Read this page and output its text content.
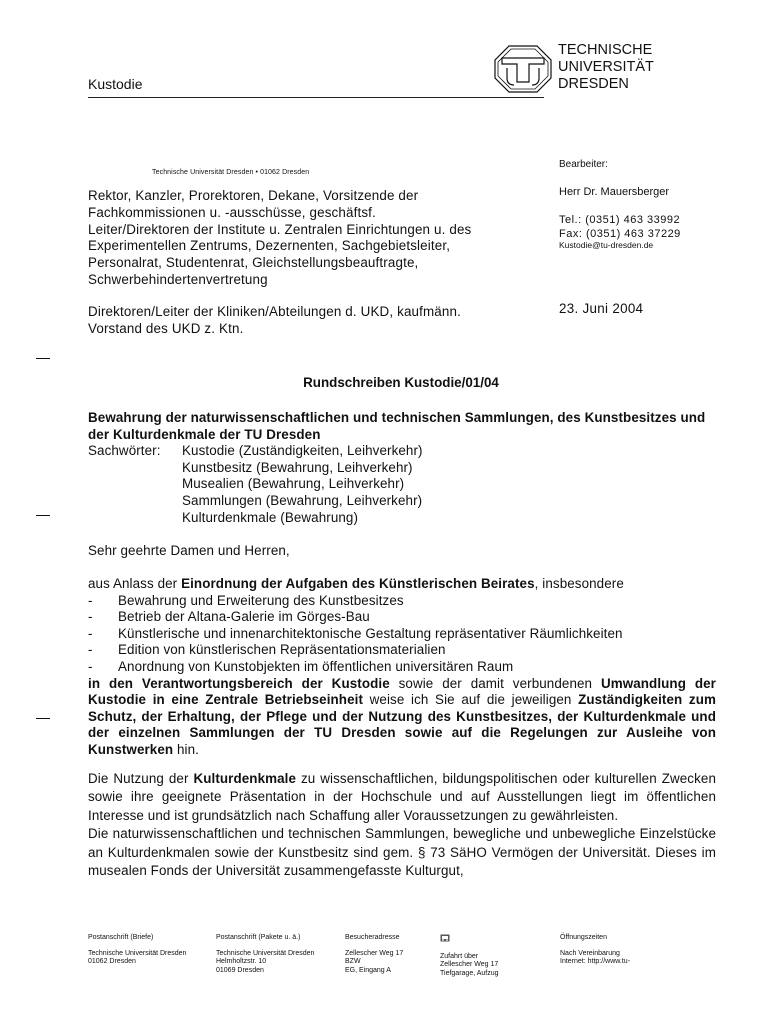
Kustodie
TECHNISCHE
UNIVERSITÄT
DRESDEN
Technische Universität Dresden • 01062 Dresden
Rektor, Kanzler, Prorektoren, Dekane, Vorsitzende der Fachkommissionen u. -ausschüsse, geschäftsf. Leiter/Direktoren der Institute u. Zentralen Einrichtungen u. des Experimentellen Zentrums, Dezernenten, Sachgebietsleiter, Personalrat, Studentenrat, Gleichstellungsbeauftragte, Schwerbehindertenvertretung
Direktoren/Leiter der Kliniken/Abteilungen d. UKD, kaufmänn. Vorstand des UKD z. Ktn.
Bearbeiter:
Herr Dr. Mauersberger
Tel.: (0351) 463 33992
Fax: (0351) 463 37229
Kustodie@tu-dresden.de
23. Juni 2004
Rundschreiben Kustodie/01/04
Bewahrung der naturwissenschaftlichen und technischen Sammlungen, des Kunstbesitzes und der Kulturdenkmale der TU Dresden
Sachwörter:	Kustodie (Zuständigkeiten, Leihverkehr)
Kunstbesitz (Bewahrung, Leihverkehr)
Musealien (Bewahrung, Leihverkehr)
Sammlungen (Bewahrung, Leihverkehr)
Kulturdenkmale (Bewahrung)
Sehr geehrte Damen und Herren,
aus Anlass der Einordnung der Aufgaben des Künstlerischen Beirates, insbesondere
-	Bewahrung und Erweiterung des Kunstbesitzes
-	Betrieb der Altana-Galerie im Görges-Bau
-	Künstlerische und innenarchitektonische Gestaltung repräsentativer Räumlichkeiten
-	Edition von künstlerischen Repräsentationsmaterialien
-	Anordnung von Kunstobjekten im öffentlichen universitären Raum
in den Verantwortungsbereich der Kustodie sowie der damit verbundenen Umwandlung der Kustodie in eine Zentrale Betriebseinheit weise ich Sie auf die jeweiligen Zuständigkeiten zum Schutz, der Erhaltung, der Pflege und der Nutzung des Kunstbesitzes, der Kulturdenkmale und der einzelnen Sammlungen der TU Dresden sowie auf die Regelungen zur Ausleihe von Kunstwerken hin.
Die Nutzung der Kulturdenkmale zu wissenschaftlichen, bildungspolitischen oder kulturellen Zwecken sowie ihre geeignete Präsentation in der Hochschule und auf Ausstellungen liegt im öffentlichen Interesse und ist grundsätzlich nach Schaffung aller Voraussetzungen zu gewährleisten.
Die naturwissenschaftlichen und technischen Sammlungen, bewegliche und unbewegliche Einzelstücke an Kulturdenkmalen sowie der Kunstbesitz sind gem. § 73 SäHO Vermögen der Universität. Dieses im musealen Fonds der Universität zusammengefasste Kulturgut,
Postanschrift (Briefe)
Technische Universität Dresden
01062 Dresden
Postanschrift (Pakete u. ä.)
Technische Universität Dresden
Helmholtzstr. 10
01069 Dresden
Besucheradresse
Zellescher Weg 17
BZW
EG, Eingang A
Zufahrt über
Zellescher Weg 17
Tiefgarage, Aufzug
Öffnungszeiten
Nach Vereinbarung
Internet: http://www.tu-
